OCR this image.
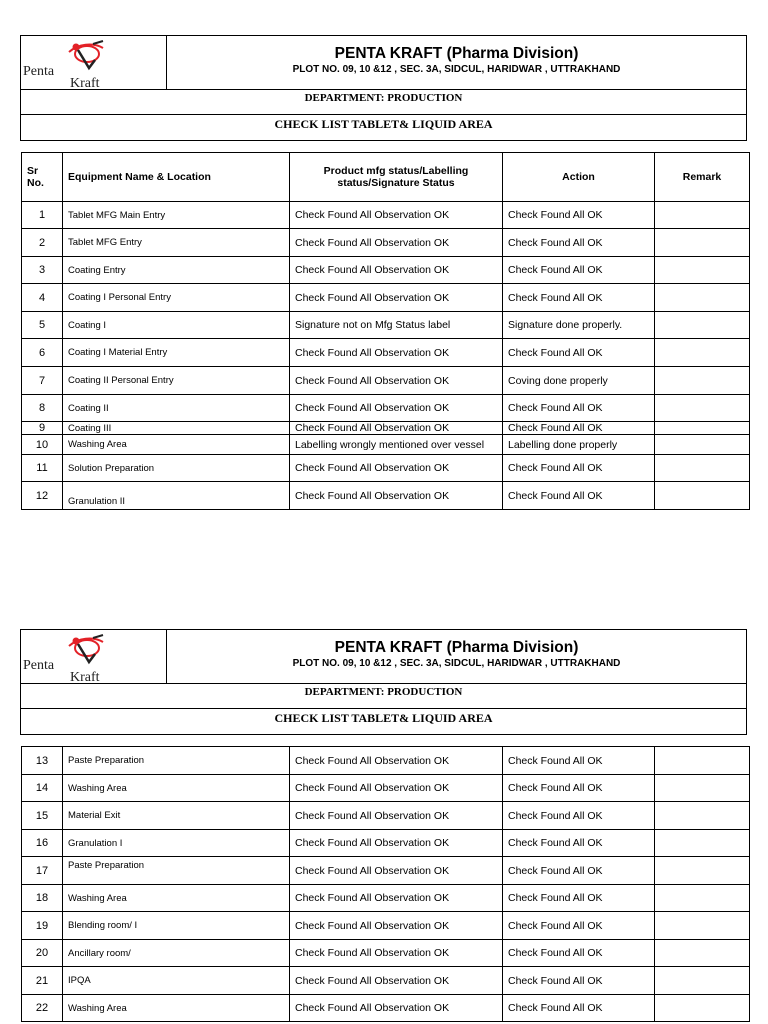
Penta
Kraft
PENTA KRAFT (Pharma Division)
PLOT NO. 09, 10 &12 , SEC. 3A, SIDCUL, HARIDWAR , UTTRAKHAND
DEPARTMENT: PRODUCTION
CHECK LIST TABLET& LIQUID AREA
Sr No.	Equipment Name & Location	Product mfg status/Labelling status/Signature Status	Action	Remark
1	Tablet MFG Main Entry	Check Found All Observation OK	Check Found All OK	
2	Tablet MFG Entry	Check Found All Observation OK	Check Found All OK	
3	Coating Entry	Check Found All Observation OK	Check Found All OK	
4	Coating I Personal Entry	Check Found All Observation OK	Check Found All OK	
5	Coating I	Signature not on Mfg Status label	Signature done properly.	
6	Coating I Material Entry	Check Found All Observation OK	Check Found All OK	
7	Coating II Personal Entry	Check Found All Observation OK	Coving done properly	
8	Coating II	Check Found All Observation OK	Check Found All OK	
9	Coating III	Check Found All Observation OK	Check Found All OK	
10	Washing Area	Labelling wrongly mentioned over vessel	Labelling done properly	
11	Solution Preparation	Check Found All Observation OK	Check Found All OK	
12	Granulation II	Check Found All Observation OK	Check Found All OK	
Penta
Kraft
PENTA KRAFT (Pharma Division)
PLOT NO. 09, 10 &12 , SEC. 3A, SIDCUL, HARIDWAR , UTTRAKHAND
DEPARTMENT: PRODUCTION
CHECK LIST TABLET& LIQUID AREA
13	Paste Preparation	Check Found All Observation OK	Check Found All OK	
14	Washing Area	Check Found All Observation OK	Check Found All OK	
15	Material Exit	Check Found All Observation OK	Check Found All OK	
16	Granulation I	Check Found All Observation OK	Check Found All OK	
17	Paste Preparation	Check Found All Observation OK	Check Found All OK	
18	Washing Area	Check Found All Observation OK	Check Found All OK	
19	Blending room/ I	Check Found All Observation OK	Check Found All OK	
20	Ancillary room/	Check Found All Observation OK	Check Found All OK	
21	IPQA	Check Found All Observation OK	Check Found All OK	
22	Washing Area	Check Found All Observation OK	Check Found All OK	
